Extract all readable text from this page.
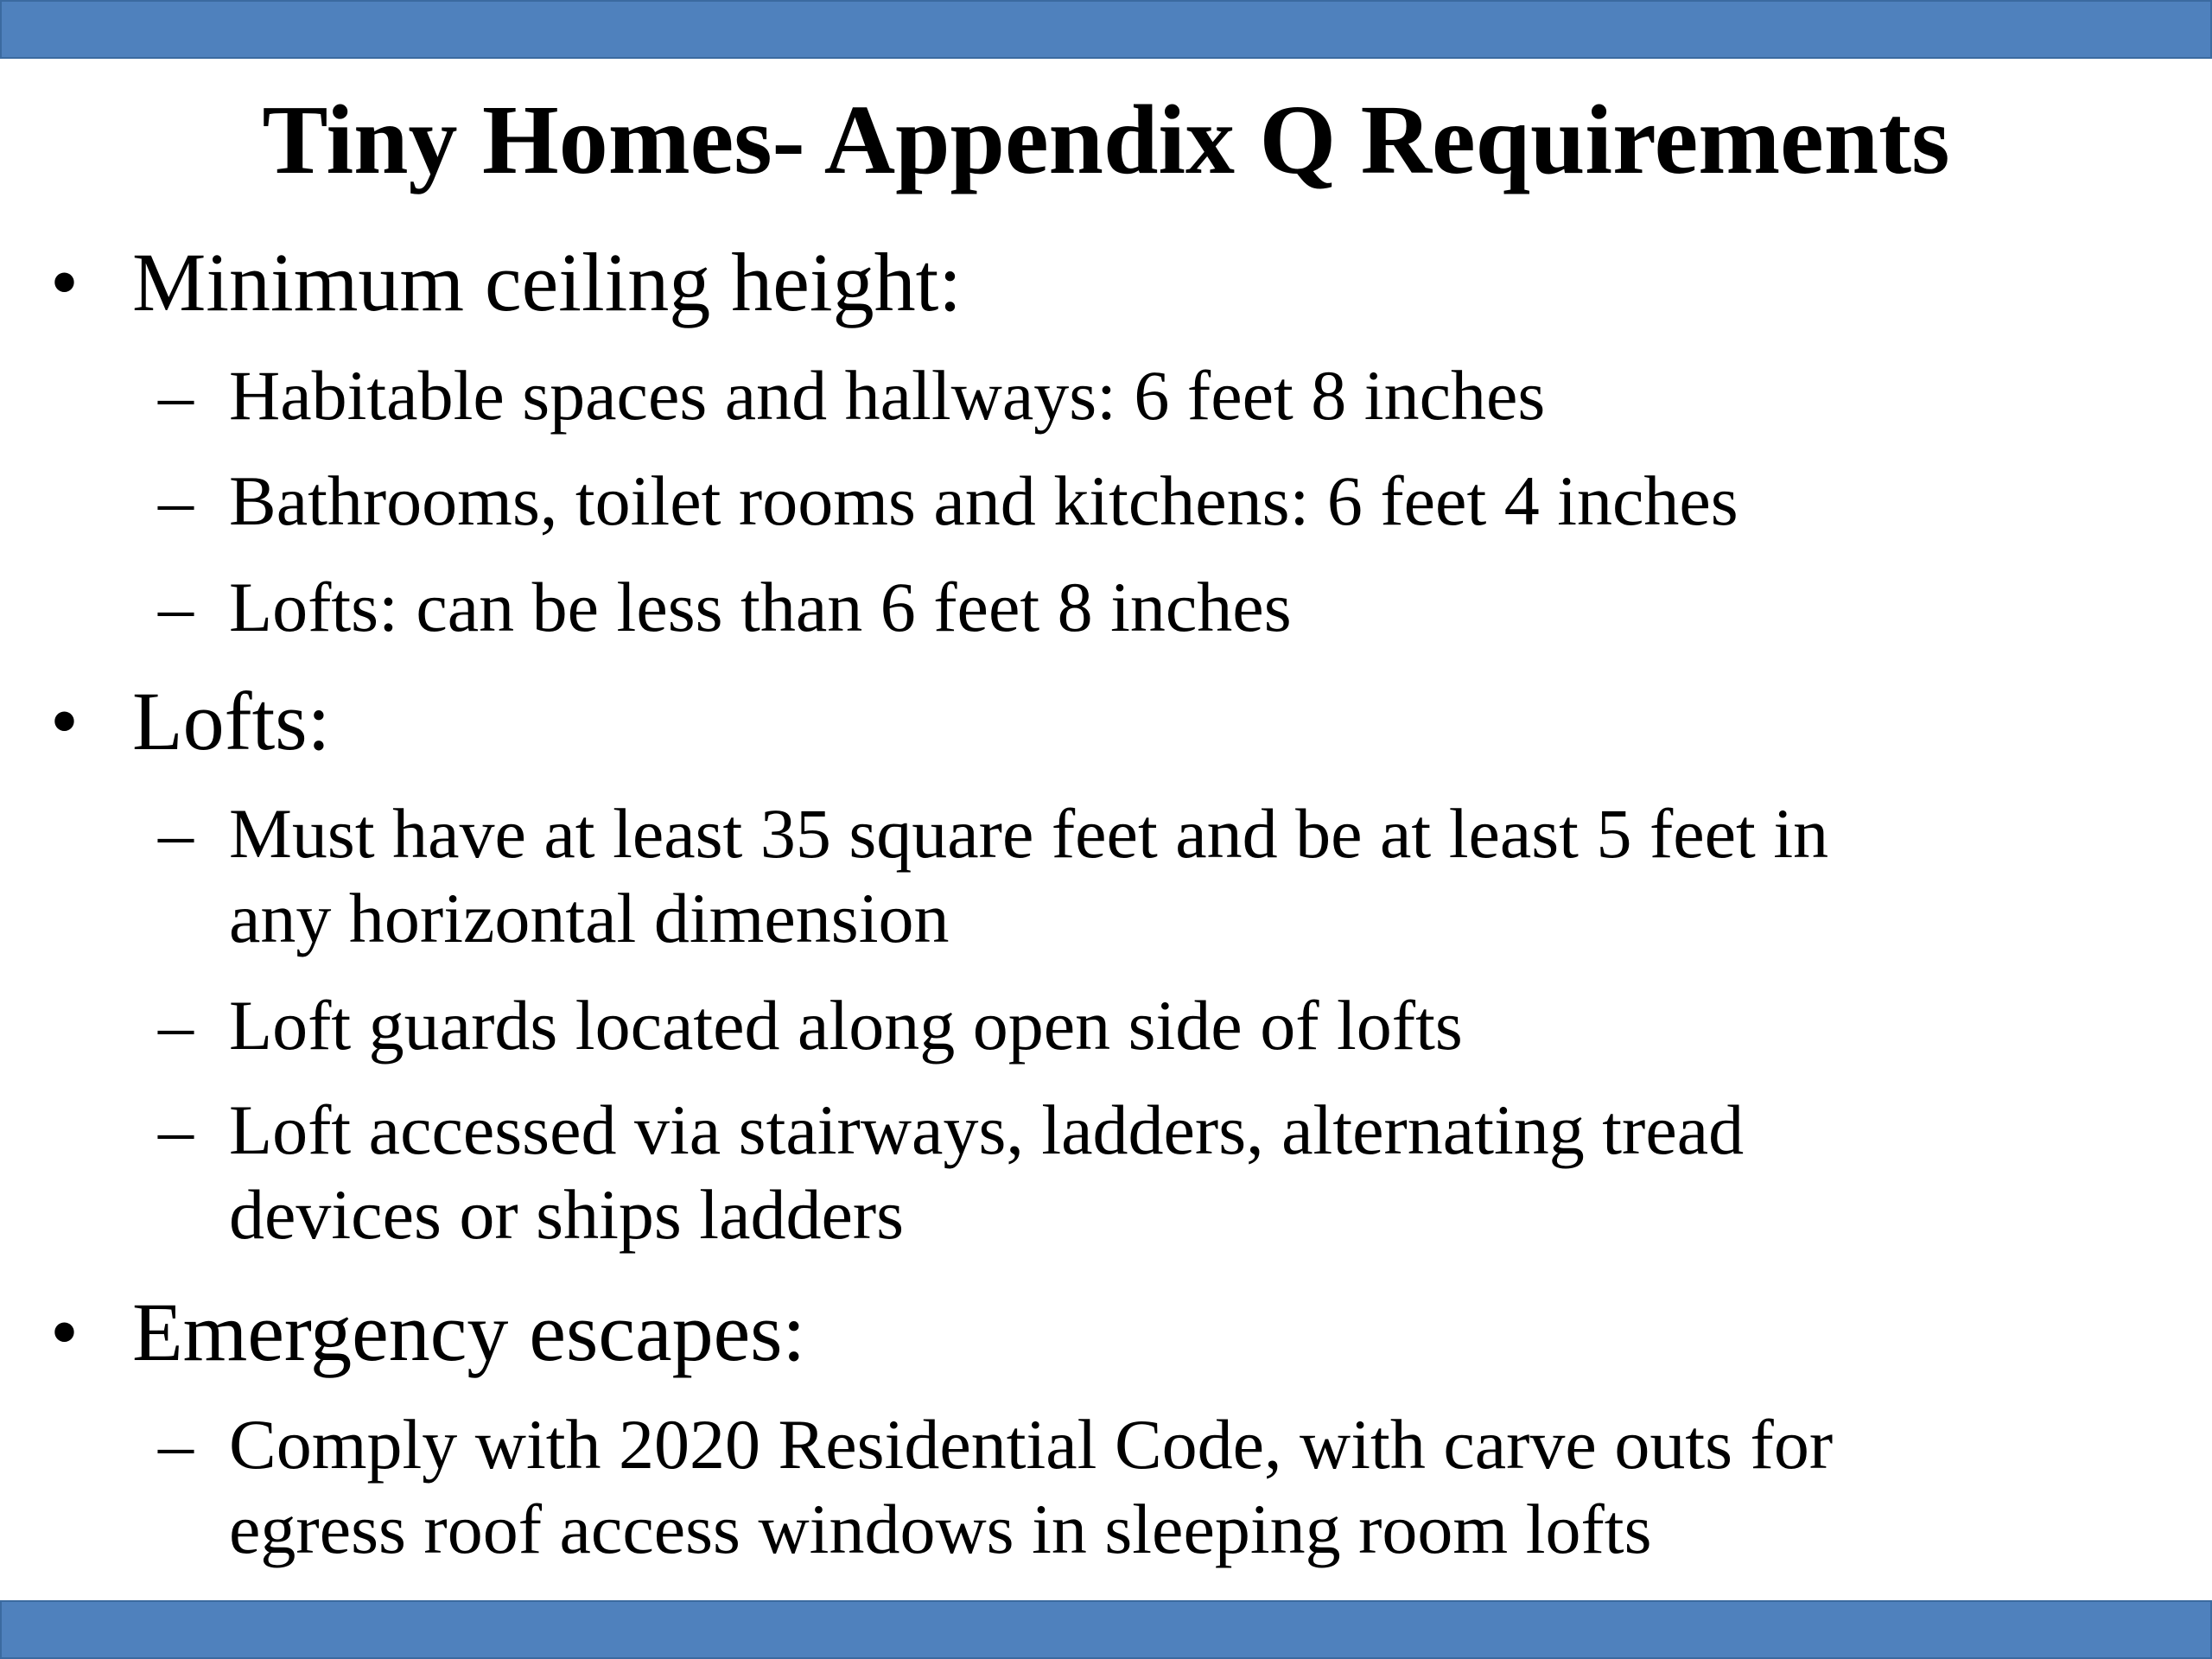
Tiny Homes- Appendix Q Requirements
• Minimum ceiling height:
– Habitable spaces and hallways: 6 feet 8 inches
– Bathrooms, toilet rooms and kitchens: 6 feet 4 inches
– Lofts: can be less than 6 feet 8 inches
• Lofts:
– Must have at least 35 square feet and be at least 5 feet in
any horizontal dimension
– Loft guards located along open side of lofts
– Loft accessed via stairways, ladders, alternating tread
devices or ships ladders
• Emergency escapes:
– Comply with 2020 Residential Code, with carve outs for
egress roof access windows in sleeping room lofts
